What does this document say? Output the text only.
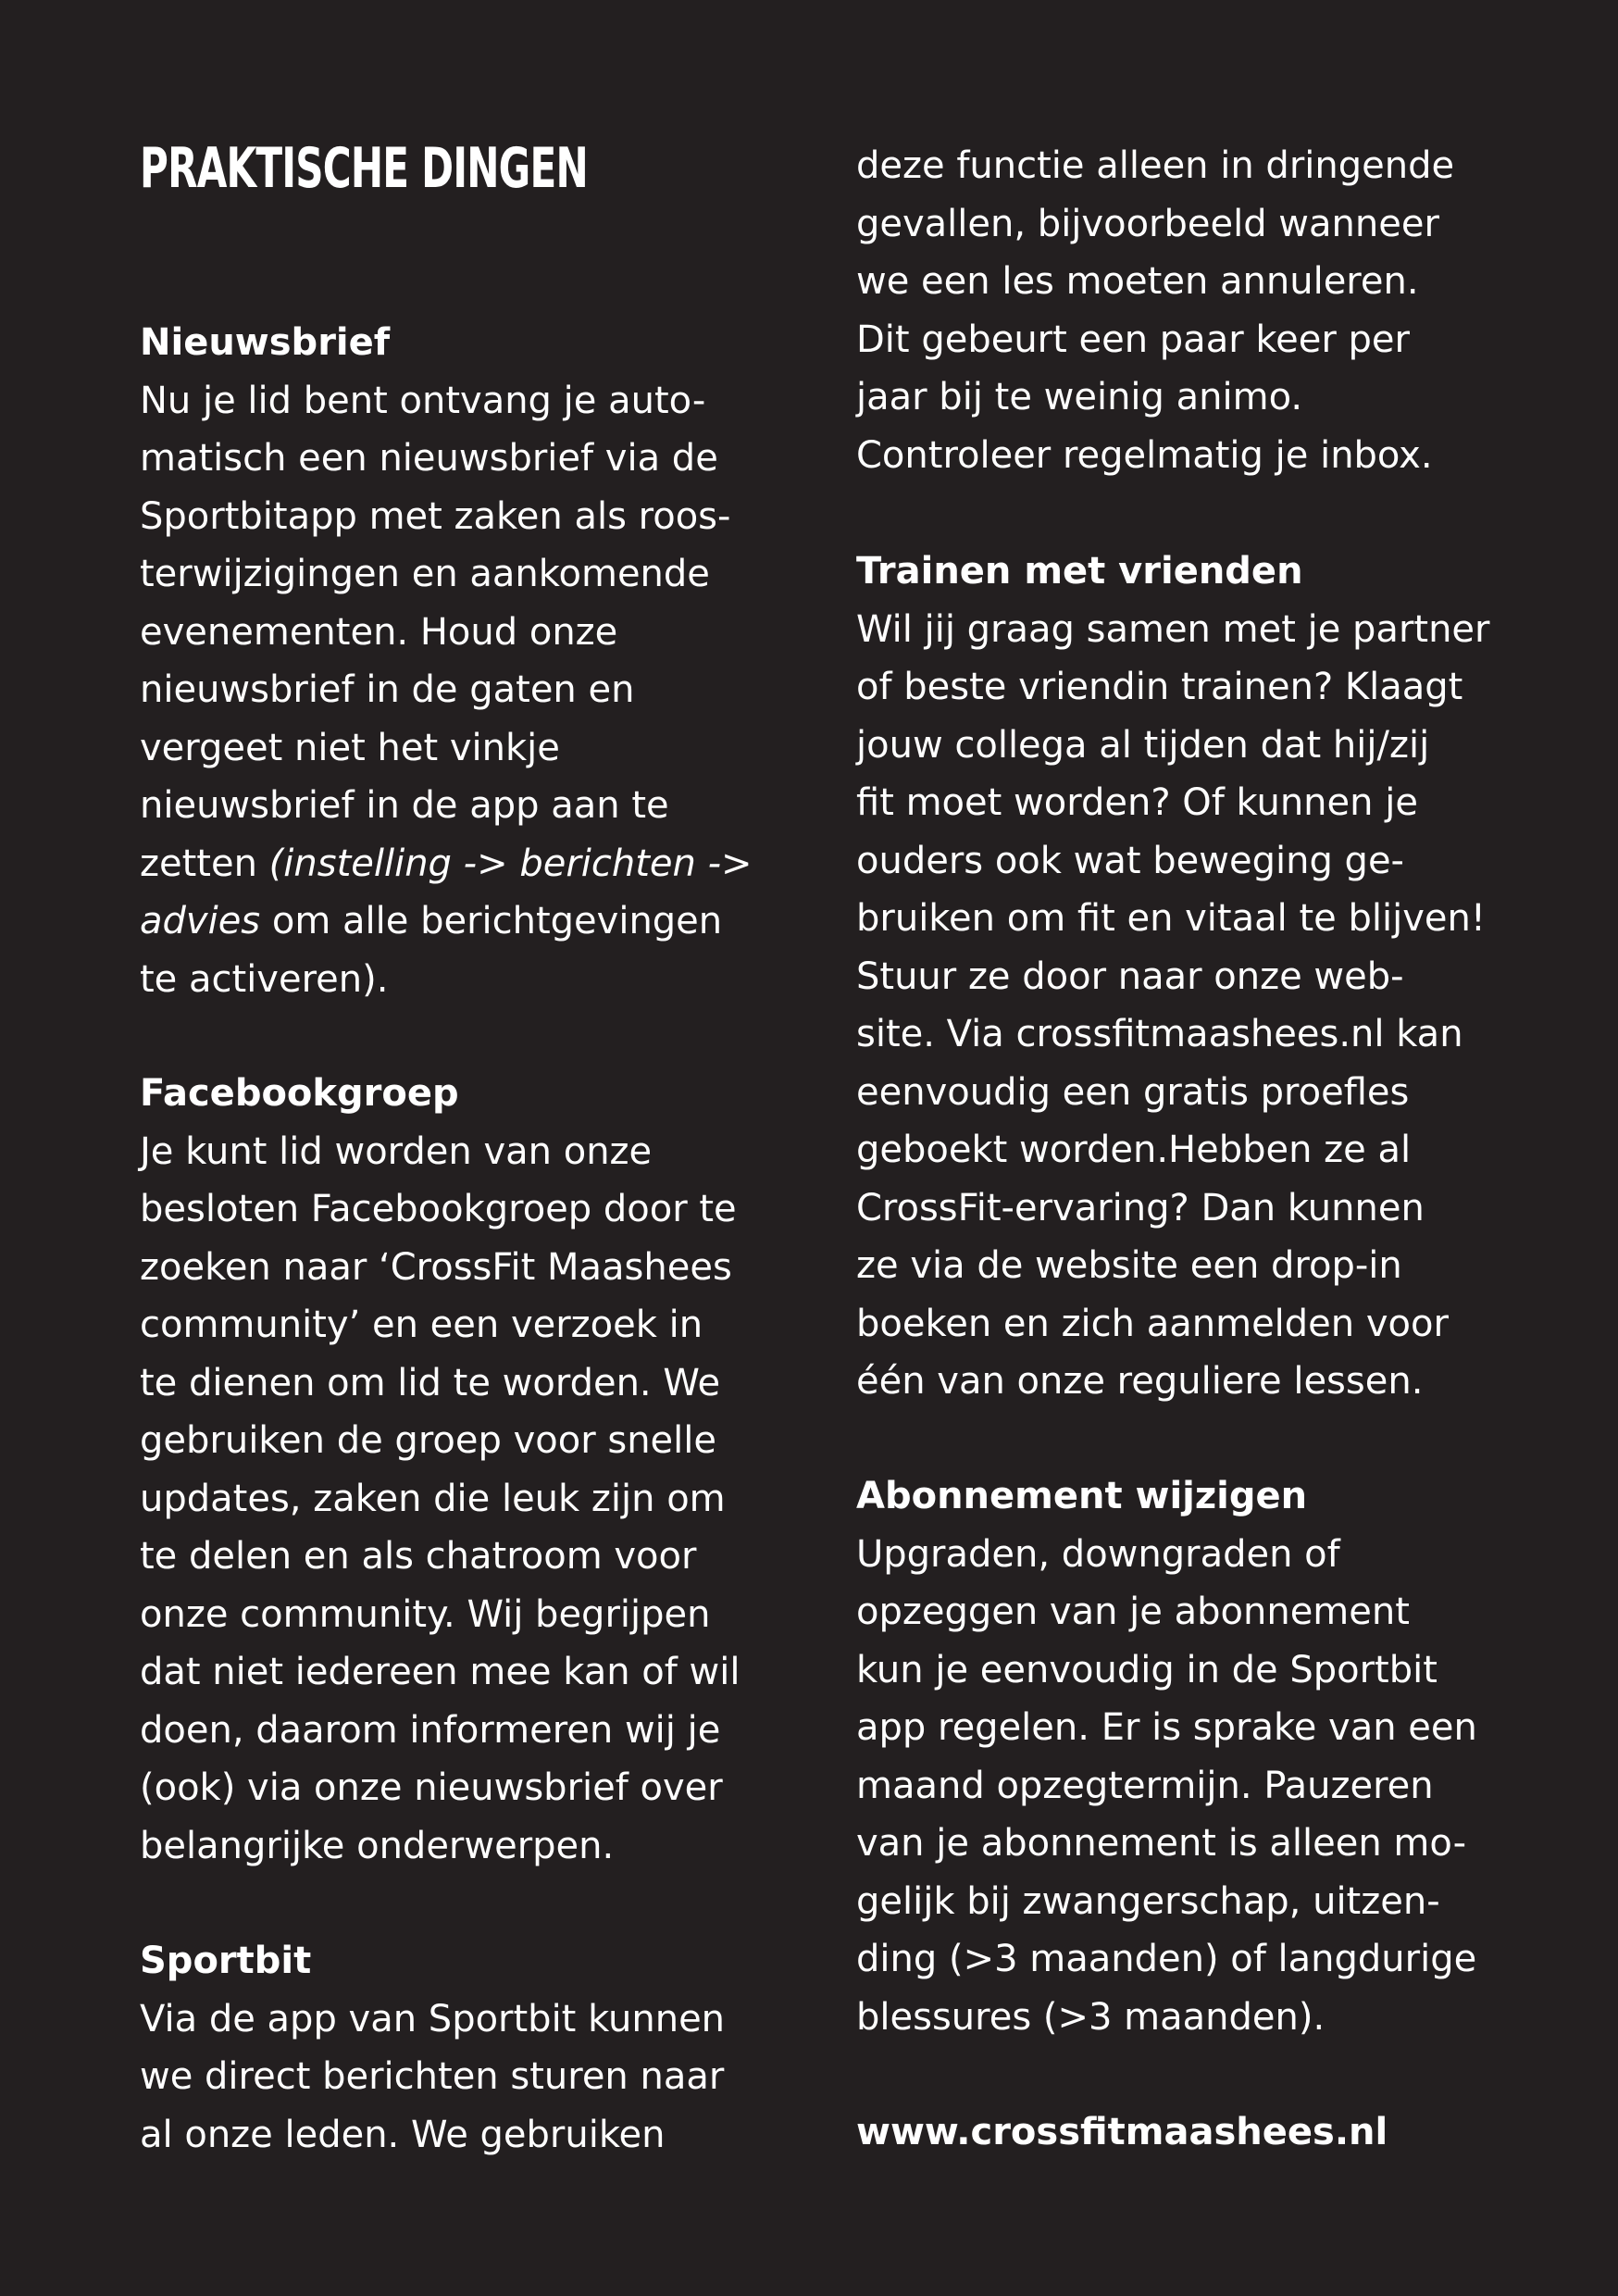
PRAKTISCHE DINGEN
Nieuwsbrief
Nu je lid bent ontvang je auto-
matisch een nieuwsbrief via de
Sportbitapp met zaken als roos-
terwijzigingen en aankomende
evenementen. Houd onze
nieuwsbrief in de gaten en
vergeet niet het vinkje
nieuwsbrief in de app aan te
zetten (instelling -> berichten ->
advies om alle berichtgevingen
te activeren).
Facebookgroep
Je kunt lid worden van onze
besloten Facebookgroep door te
zoeken naar ‘CrossFit Maashees
community’ en een verzoek in
te dienen om lid te worden. We
gebruiken de groep voor snelle
updates, zaken die leuk zijn om
te delen en als chatroom voor
onze community. Wij begrijpen
dat niet iedereen mee kan of wil
doen, daarom informeren wij je
(ook) via onze nieuwsbrief over
belangrijke onderwerpen.
Sportbit
Via de app van Sportbit kunnen
we direct berichten sturen naar
al onze leden. We gebruiken
deze functie alleen in dringende
gevallen, bijvoorbeeld wanneer
we een les moeten annuleren.
Dit gebeurt een paar keer per
jaar bij te weinig animo.
Controleer regelmatig je inbox.
Trainen met vrienden
Wil jij graag samen met je partner
of beste vriendin trainen? Klaagt
jouw collega al tijden dat hij/zij
fit moet worden? Of kunnen je
ouders ook wat beweging ge-
bruiken om fit en vitaal te blijven!
Stuur ze door naar onze web-
site. Via crossfitmaashees.nl kan
eenvoudig een gratis proefles
geboekt worden.Hebben ze al
CrossFit-ervaring? Dan kunnen
ze via de website een drop-in
boeken en zich aanmelden voor
één van onze reguliere lessen.
Abonnement wijzigen
Upgraden, downgraden of
opzeggen van je abonnement
kun je eenvoudig in de Sportbit
app regelen. Er is sprake van een
maand opzegtermijn. Pauzeren
van je abonnement is alleen mo-
gelijk bij zwangerschap, uitzen-
ding (>3 maanden) of langdurige
blessures (>3 maanden).

www.crossfitmaashees.nl
